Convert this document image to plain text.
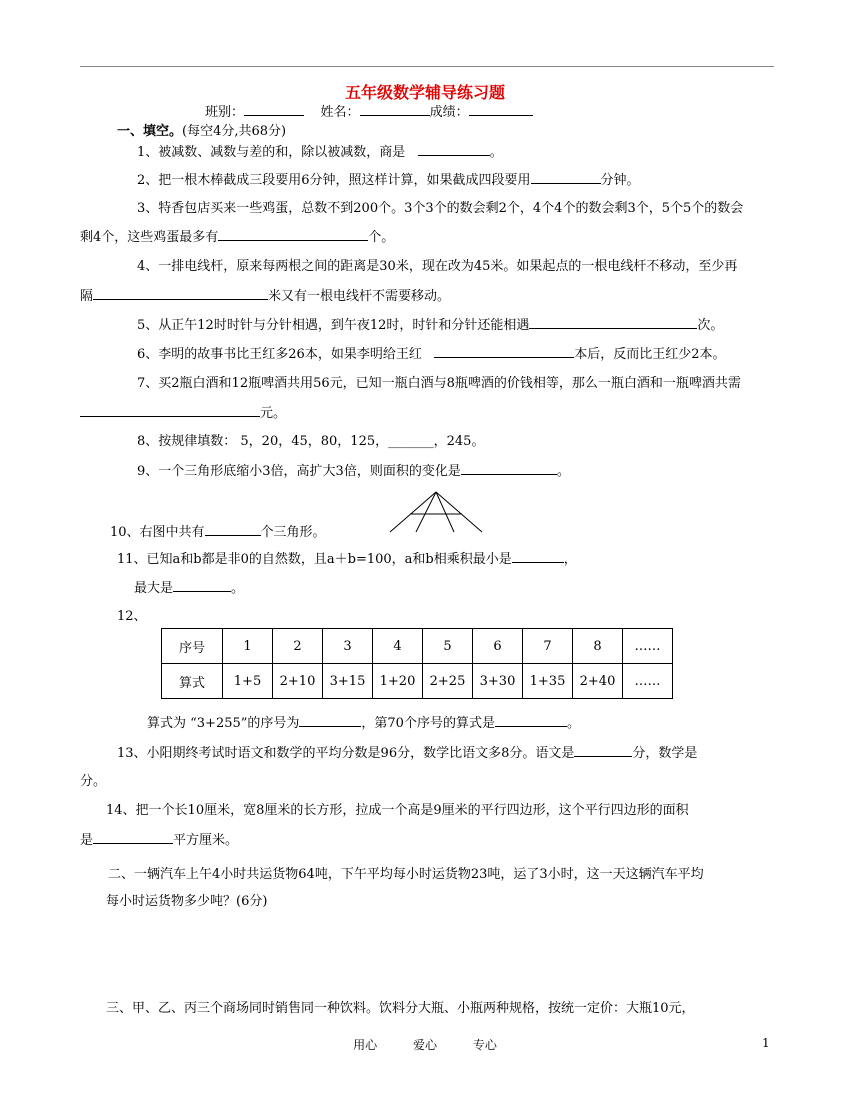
五年级数学辅导练习题
班别：	姓名：	成绩：
一、填空。(每空4分,共68分)
1、被减数、减数与差的和，除以被减数，商是	。
2、把一根木棒截成三段要用6分钟，照这样计算，如果截成四段要用	分钟。
3、特香包店买来一些鸡蛋，总数不到200个。3个3个的数会剩2个，4个4个的数会剩3个，5个5个的数会
剩4个，这些鸡蛋最多有	个。
4、一排电线杆，原来每两根之间的距离是30米，现在改为45米。如果起点的一根电线杆不移动，至少再
隔	米又有一根电线杆不需要移动。
5、从正午12时时针与分针相遇，到午夜12时，时针和分针还能相遇	次。
6、李明的故事书比王红多26本，如果李明给王红	本后，反而比王红少2本。
7、买2瓶白酒和12瓶啤酒共用56元，已知一瓶白酒与8瓶啤酒的价钱相等，那么一瓶白酒和一瓶啤酒共需
元。
8、按规律填数： 5，20，45，80，125，_______，245。
9、一个三角形底缩小3倍，高扩大3倍，则面积的变化是	。
10、右图中共有	个三角形。
11、已知a和b都是非0的自然数，且a＋b=100，a和b相乘积最小是	，
最大是	。
12、
序号	1	2	3	4	5	6	7	8	……
算式	1+5	2+10	3+15	1+20	2+25	3+30	1+35	2+40	……
算式为 “3+255”的序号为	，第70个序号的算式是	。
13、小阳期终考试时语文和数学的平均分数是96分，数学比语文多8分。语文是	分，数学是
分。
14、把一个长10厘米，宽8厘米的长方形，拉成一个高是9厘米的平行四边形，这个平行四边形的面积
是	平方厘米。
二、一辆汽车上午4小时共运货物64吨，下午平均每小时运货物23吨，运了3小时，这一天这辆汽车平均
每小时运货物多少吨？(6分)
三、甲、乙、丙三个商场同时销售同一种饮料。饮料分大瓶、小瓶两种规格，按统一定价：大瓶10元，
用心	爱心	专心	1
